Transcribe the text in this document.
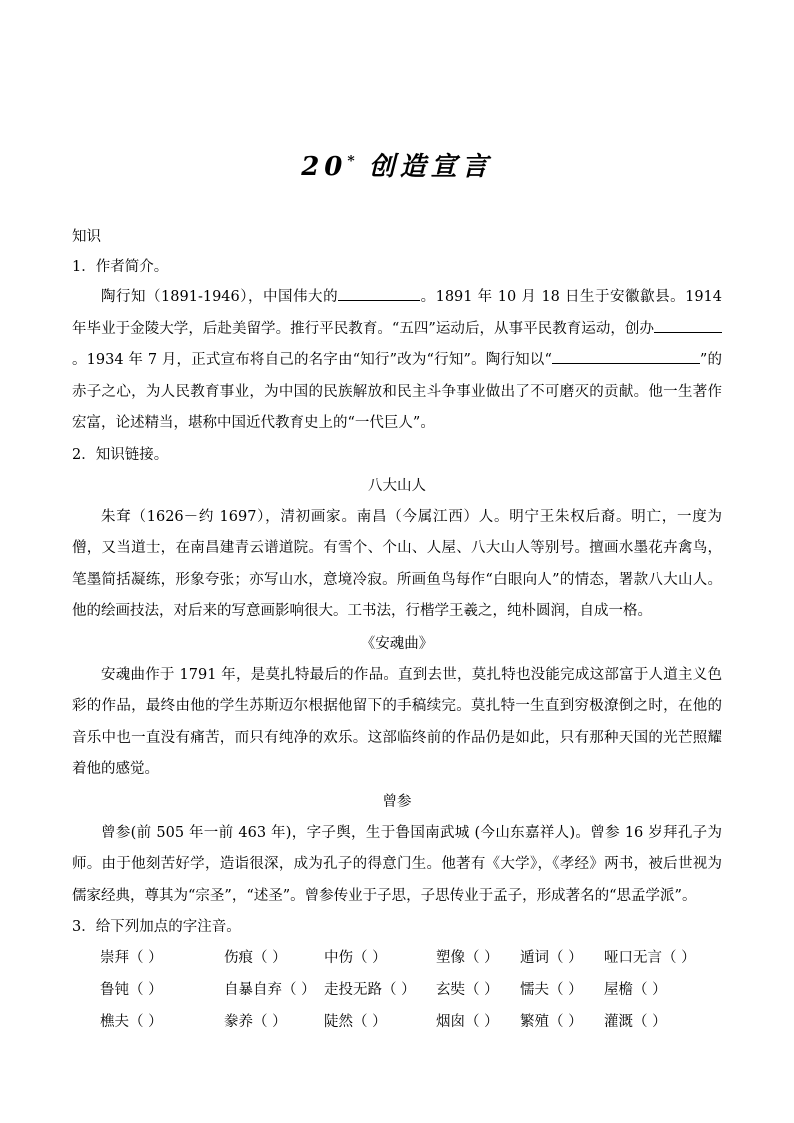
20* 创造宣言

知识

1．作者简介。

陶行知（1891-1946），中国伟大的	。1891 年 10 月 18 日生于安徽歙县。1914 年毕业于金陵大学，后赴美留学。推行平民教育。“五四”运动后，从事平民教育运动，创办。1934 年 7 月，正式宣布将自己的名字由“知行”改为“行知”。陶行知以“	”的赤子之心，为人民教育事业，为中国的民族解放和民主斗争事业做出了不可磨灭的贡献。他一生著作宏富，论述精当，堪称中国近代教育史上的“一代巨人”。

2．知识链接。

八大山人

朱耷（1626－约 1697），清初画家。南昌（今属江西）人。明宁王朱权后裔。明亡，一度为僧，又当道士，在南昌建青云谱道院。有雪个、个山、人屋、八大山人等别号。擅画水墨花卉禽鸟，笔墨简括凝练，形象夸张；亦写山水，意境冷寂。所画鱼鸟每作“白眼向人”的情态，署款八大山人。他的绘画技法，对后来的写意画影响很大。工书法，行楷学王羲之，纯朴圆润，自成一格。

《安魂曲》

安魂曲作于 1791 年，是莫扎特最后的作品。直到去世，莫扎特也没能完成这部富于人道主义色彩的作品，最终由他的学生苏斯迈尔根据他留下的手稿续完。莫扎特一生直到穷极潦倒之时，在他的音乐中也一直没有痛苦，而只有纯净的欢乐。这部临终前的作品仍是如此，只有那种天国的光芒照耀着他的感觉。

曾参

曾参(前 505 年一前 463 年)，字子舆，生于鲁国南武城 (今山东嘉祥人)。曾参 16 岁拜孔子为师。由于他刻苦好学，造诣很深，成为孔子的得意门生。他著有《大学》，《孝经》两书，被后世视为儒家经典，尊其为“宗圣”，“述圣”。曾参传业于子思，子思传业于孟子，形成著名的“思孟学派”。

3．给下列加点的字注音。

崇拜（ ）	伤痕（ ）	中伤（ ）	塑像（ ）	遁词（ ）	哑口无言（ ）
鲁钝（ ）	自暴自弃（ ） 走投无路（ ）	玄奘（ ）	懦夫（ ）	屋檐（ ）
樵夫（ ）	豢养（ ）	陡然（ ）	烟囱（ ）	繁殖（ ）	灌溉（ ）
